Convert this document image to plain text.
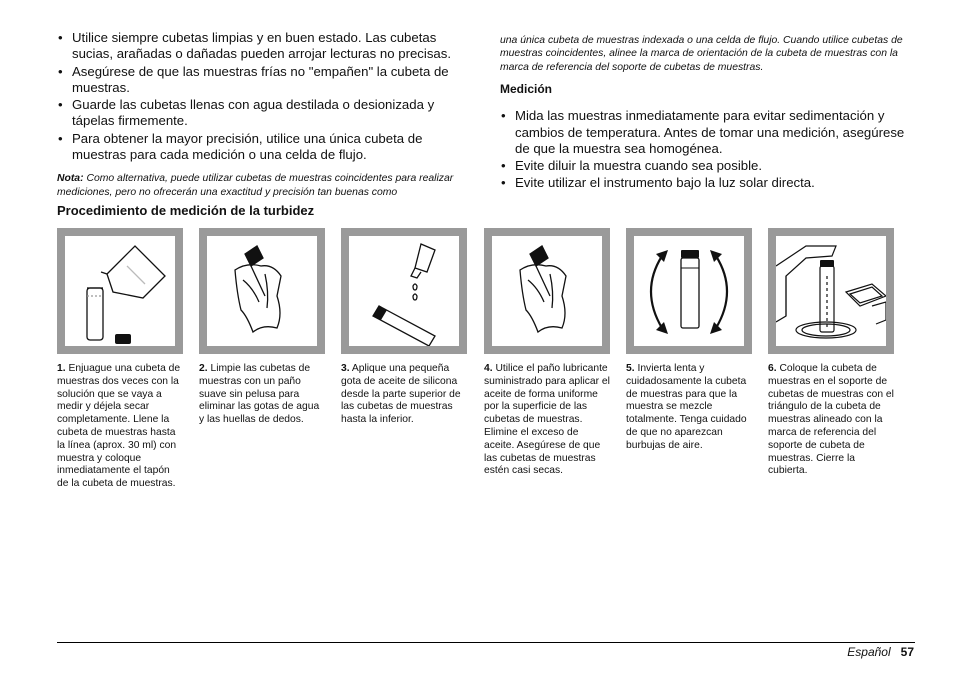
• Utilice siempre cubetas limpias y en buen estado. Las cubetas sucias, arañadas o dañadas pueden arrojar lecturas no precisas.
• Asegúrese de que las muestras frías no "empañen" la cubeta de muestras.
• Guarde las cubetas llenas con agua destilada o desionizada y tápelas firmemente.
• Para obtener la mayor precisión, utilice una única cubeta de muestras para cada medición o una celda de flujo.

Nota: Como alternativa, puede utilizar cubetas de muestras coincidentes para realizar mediciones, pero no ofrecerán una exactitud y precisión tan buenas como

una única cubeta de muestras indexada o una celda de flujo. Cuando utilice cubetas de muestras coincidentes, alinee la marca de orientación de la cubeta de muestras con la marca de referencia del soporte de cubetas de muestras.

Medición
• Mida las muestras inmediatamente para evitar sedimentación y cambios de temperatura. Antes de tomar una medición, asegúrese de que la muestra sea homogénea.
• Evite diluir la muestra cuando sea posible.
• Evite utilizar el instrumento bajo la luz solar directa.
Procedimiento de medición de la turbidez
1. Enjuague una cubeta de muestras dos veces con la solución que se vaya a medir y déjela secar completamente. Llene la cubeta de muestras hasta la línea (aprox. 30 ml) con muestra y coloque inmediatamente el tapón de la cubeta de muestras.
2. Limpie las cubetas de muestras con un paño suave sin pelusa para eliminar las gotas de agua y las huellas de dedos.
3. Aplique una pequeña gota de aceite de silicona desde la parte superior de las cubetas de muestras hasta la inferior.
4. Utilice el paño lubricante suministrado para aplicar el aceite de forma uniforme por la superficie de las cubetas de muestras. Elimine el exceso de aceite. Asegúrese de que las cubetas de muestras estén casi secas.
5. Invierta lenta y cuidadosamente la cubeta de muestras para que la muestra se mezcle totalmente. Tenga cuidado de que no aparezcan burbujas de aire.
6. Coloque la cubeta de muestras en el soporte de cubetas de muestras con el triángulo de la cubeta de muestras alineado con la marca de referencia del soporte de cubeta de muestras. Cierre la cubierta.
Español 57
